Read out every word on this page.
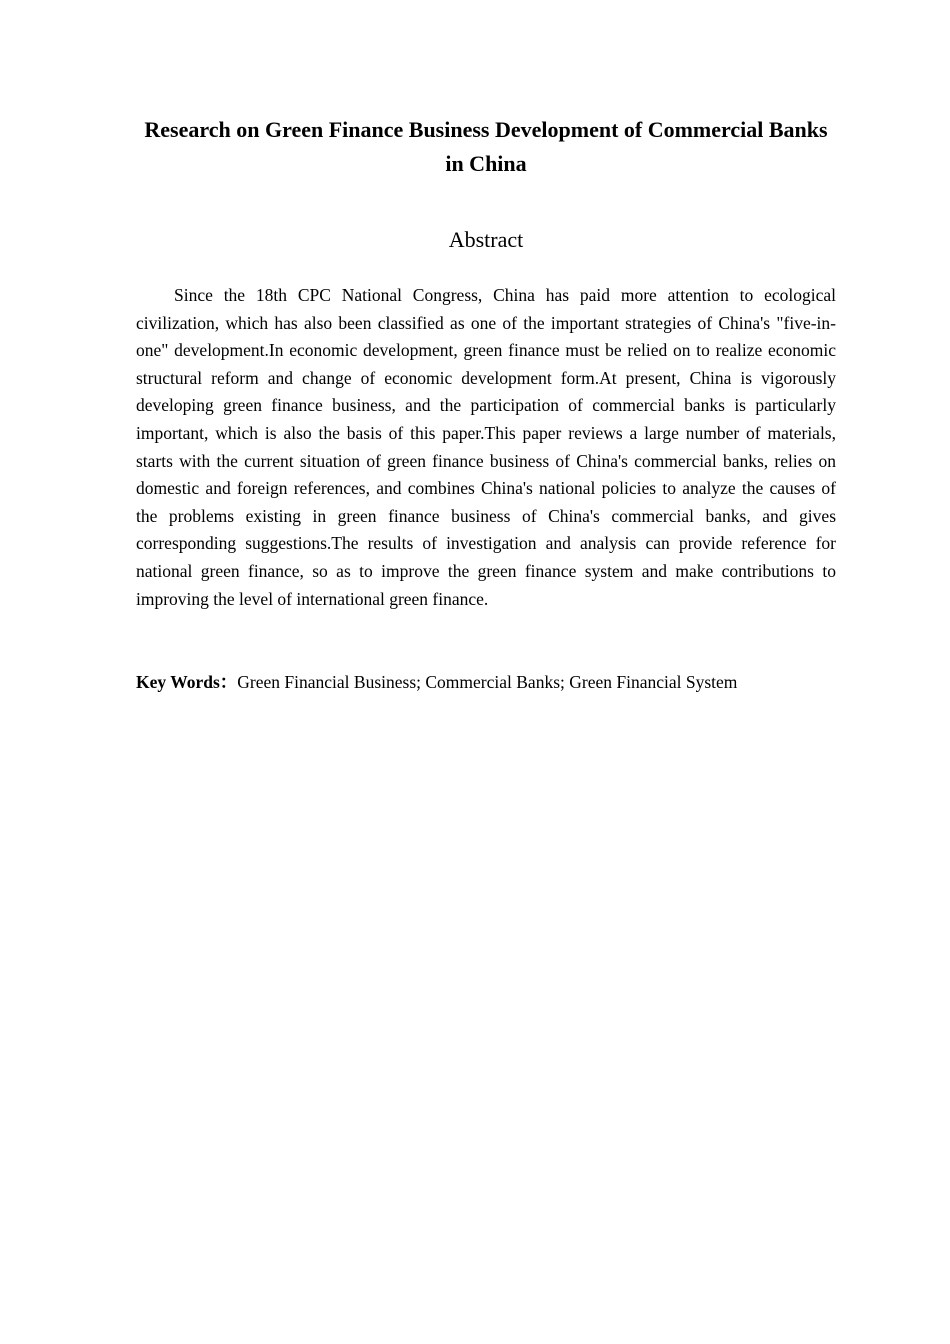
Research on Green Finance Business Development of Commercial Banks in China
Abstract

Since the 18th CPC National Congress, China has paid more attention to ecological civilization, which has also been classified as one of the important strategies of China's "five-in-one" development.In economic development, green finance must be relied on to realize economic structural reform and change of economic development form.At present, China is vigorously developing green finance business, and the participation of commercial banks is particularly important, which is also the basis of this paper.This paper reviews a large number of materials, starts with the current situation of green finance business of China's commercial banks, relies on domestic and foreign references, and combines China's national policies to analyze the causes of the problems existing in green finance business of China's commercial banks, and gives corresponding suggestions.The results of investigation and analysis can provide reference for national green finance, so as to improve the green finance system and make contributions to improving the level of international green finance.

Key Words：Green Financial Business; Commercial Banks; Green Financial System
